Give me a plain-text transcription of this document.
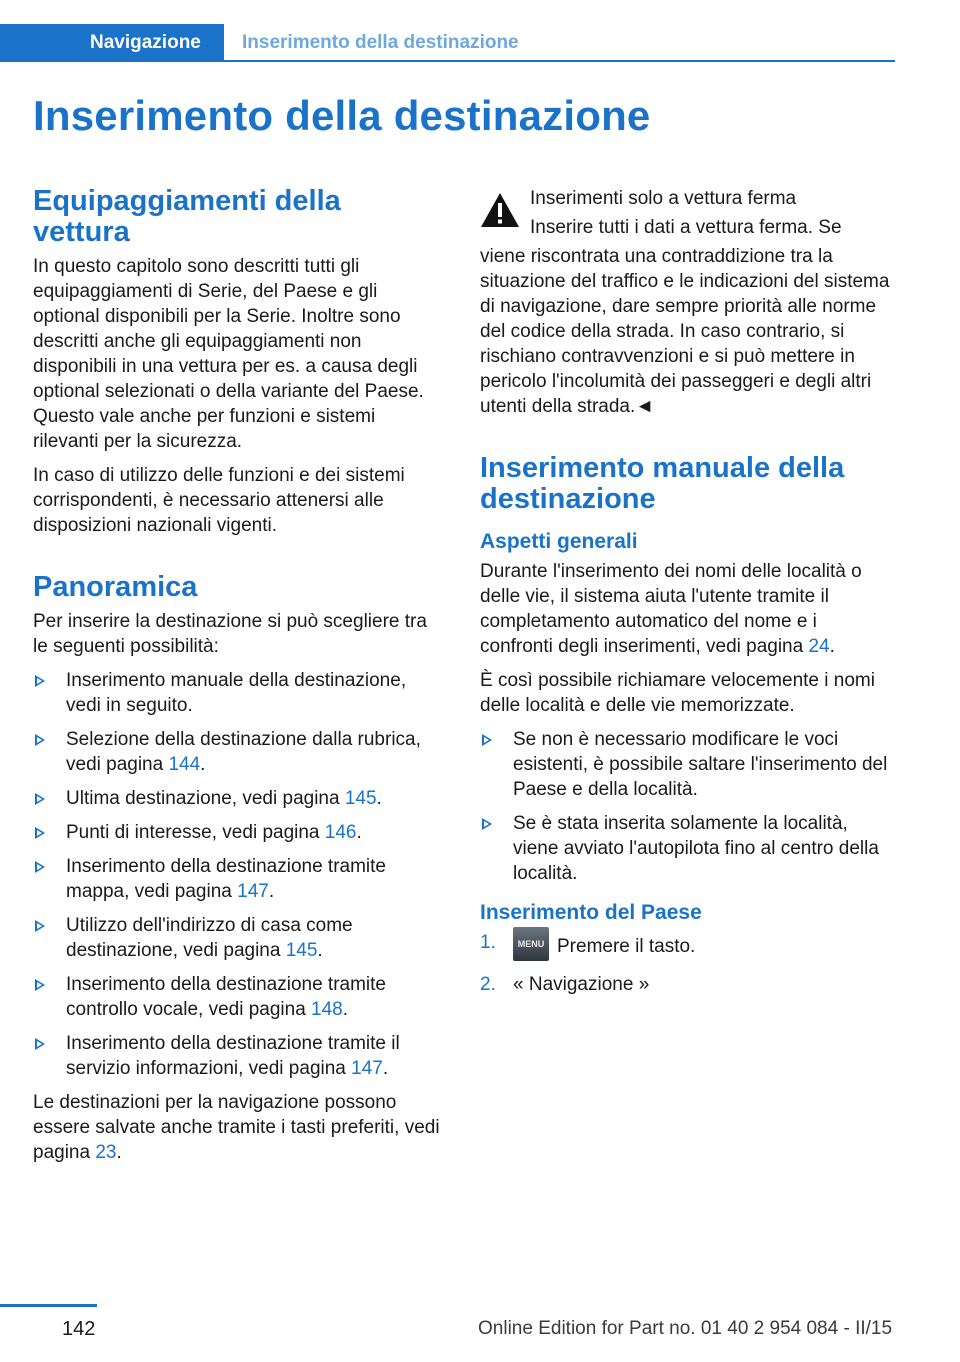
Navigazione	Inserimento della destinazione
Inserimento della destinazione
Equipaggiamenti della vettura

In questo capitolo sono descritti tutti gli equipaggiamenti di Serie, del Paese e gli optional disponibili per la Serie. Inoltre sono descritti anche gli equipaggiamenti non disponibili in una vettura per es. a causa degli optional selezionati o della variante del Paese. Questo vale anche per funzioni e sistemi rilevanti per la sicurezza.

In caso di utilizzo delle funzioni e dei sistemi corrispondenti, è necessario attenersi alle disposizioni nazionali vigenti.

Panoramica

Per inserire la destinazione si può scegliere tra le seguenti possibilità:

Inserimento manuale della destinazione, vedi in seguito.
Selezione della destinazione dalla rubrica, vedi pagina 144.
Ultima destinazione, vedi pagina 145.
Punti di interesse, vedi pagina 146.
Inserimento della destinazione tramite mappa, vedi pagina 147.
Utilizzo dell'indirizzo di casa come destinazione, vedi pagina 145.
Inserimento della destinazione tramite controllo vocale, vedi pagina 148.
Inserimento della destinazione tramite il servizio informazioni, vedi pagina 147.

Le destinazioni per la navigazione possono essere salvate anche tramite i tasti preferiti, vedi pagina 23.

Inserimenti solo a vettura ferma

Inserire tutti i dati a vettura ferma. Se

viene riscontrata una contraddizione tra la situazione del traffico e le indicazioni del sistema di navigazione, dare sempre priorità alle norme del codice della strada. In caso contrario, si rischiano contravvenzioni e si può mettere in pericolo l'incolumità dei passeggeri e degli altri utenti della strada.◄

Inserimento manuale della destinazione
Aspetti generali

Durante l'inserimento dei nomi delle località o delle vie, il sistema aiuta l'utente tramite il completamento automatico del nome e i confronti degli inserimenti, vedi pagina 24.

È così possibile richiamare velocemente i nomi delle località e delle vie memorizzate.

Se non è necessario modificare le voci esistenti, è possibile saltare l'inserimento del Paese e della località.
Se è stata inserita solamente la località, viene avviato l'autopilota fino al centro della località.
Inserimento del Paese
1. MENU Premere il tasto.
2. « Navigazione »
142	Online Edition for Part no. 01 40 2 954 084 - II/15
